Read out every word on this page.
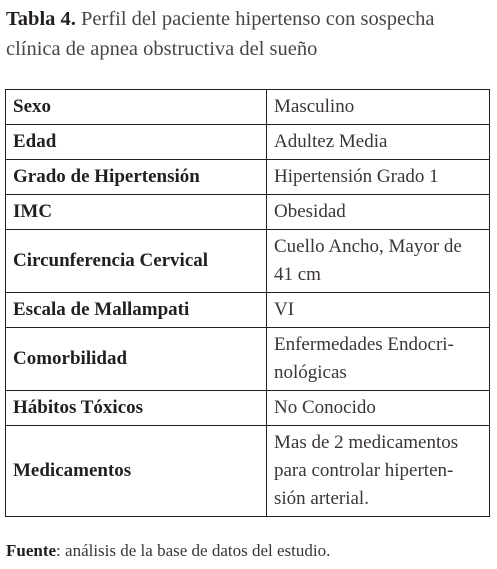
Tabla 4. Perfil del paciente hipertenso con sospecha clínica de apnea obstructiva del sueño
Sexo	Masculino
Edad	Adultez Media
Grado de Hipertensión	Hipertensión Grado 1
IMC	Obesidad
Circunferencia Cervical	Cuello Ancho, Mayor de 41 cm
Escala de Mallampati	VI
Comorbilidad	Enfermedades Endocri-nológicas
Hábitos Tóxicos	No Conocido
Medicamentos	Mas de 2 medicamentos para controlar hiperten-sión arterial.
Fuente: análisis de la base de datos del estudio.
